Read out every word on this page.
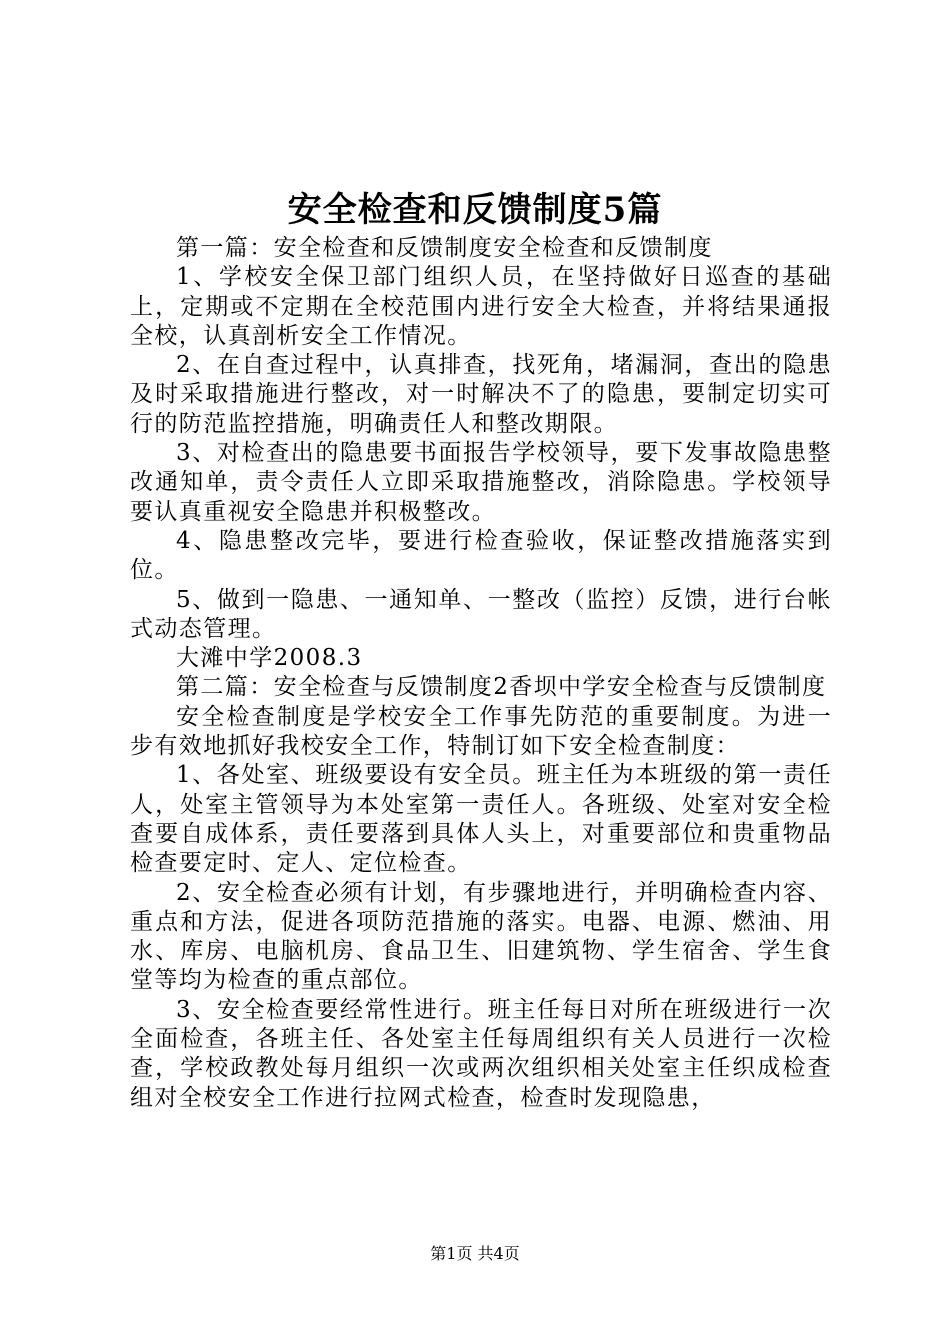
安全检查和反馈制度5篇

第一篇：安全检查和反馈制度安全检查和反馈制度

1、学校安全保卫部门组织人员，在坚持做好日巡查的基础上，定期或不定期在全校范围内进行安全大检查，并将结果通报全校，认真剖析安全工作情况。

2、在自查过程中，认真排查，找死角，堵漏洞，查出的隐患及时采取措施进行整改，对一时解决不了的隐患，要制定切实可行的防范监控措施，明确责任人和整改期限。

3、对检查出的隐患要书面报告学校领导，要下发事故隐患整改通知单，责令责任人立即采取措施整改，消除隐患。学校领导要认真重视安全隐患并积极整改。

4、隐患整改完毕，要进行检查验收，保证整改措施落实到位。

5、做到一隐患、一通知单、一整改（监控）反馈，进行台帐式动态管理。

大滩中学2008.3

第二篇：安全检查与反馈制度2香坝中学安全检查与反馈制度

安全检查制度是学校安全工作事先防范的重要制度。为进一步有效地抓好我校安全工作，特制订如下安全检查制度：

1、各处室、班级要设有安全员。班主任为本班级的第一责任人，处室主管领导为本处室第一责任人。各班级、处室对安全检查要自成体系，责任要落到具体人头上，对重要部位和贵重物品检查要定时、定人、定位检查。

2、安全检查必须有计划，有步骤地进行，并明确检查内容、重点和方法，促进各项防范措施的落实。电器、电源、燃油、用水、库房、电脑机房、食品卫生、旧建筑物、学生宿舍、学生食堂等均为检查的重点部位。

3、安全检查要经常性进行。班主任每日对所在班级进行一次全面检查，各班主任、各处室主任每周组织有关人员进行一次检查，学校政教处每月组织一次或两次组织相关处室主任织成检查组对全校安全工作进行拉网式检查，检查时发现隐患，

第1页 共4页
